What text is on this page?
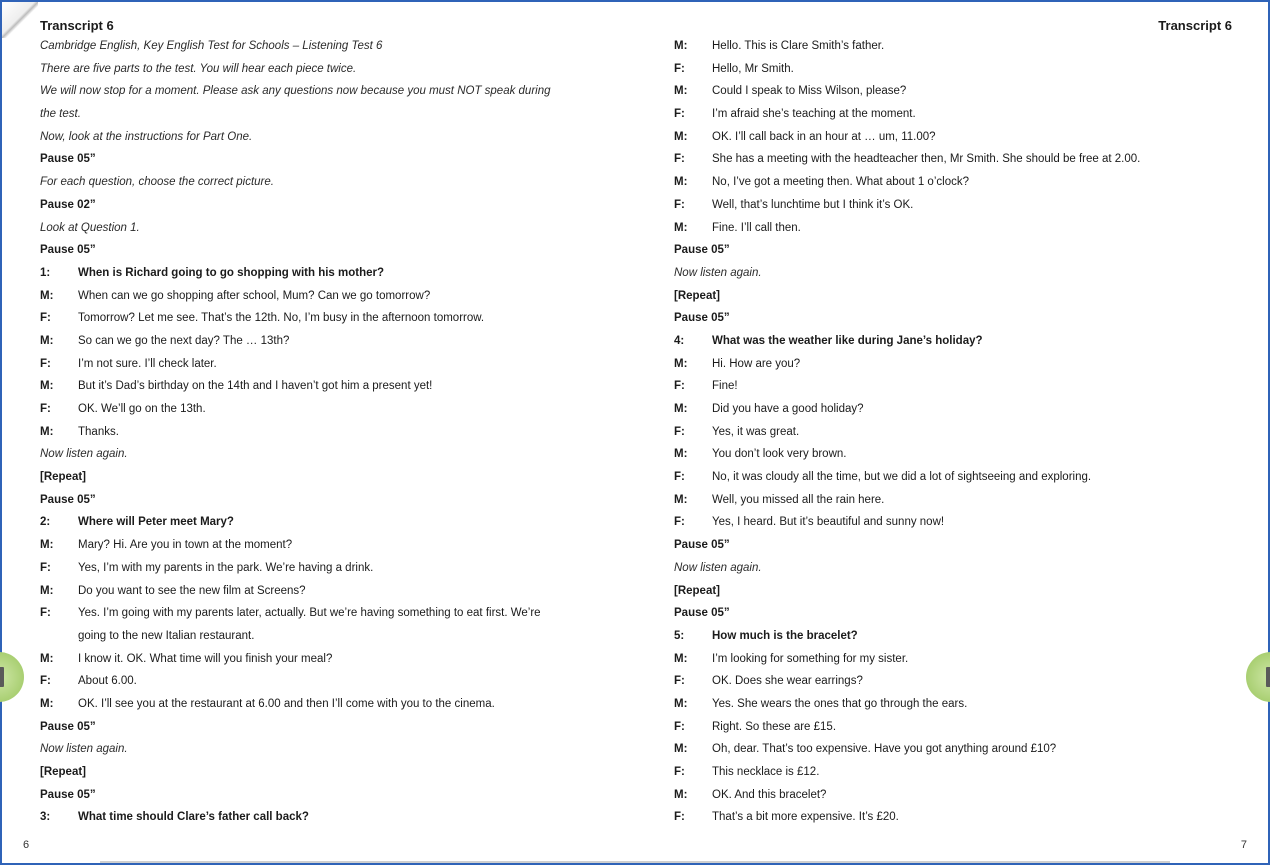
Transcript 6
Cambridge English, Key English Test for Schools – Listening Test 6
There are five parts to the test. You will hear each piece twice.
We will now stop for a moment. Please ask any questions now because you must NOT speak during
the test.
Now, look at the instructions for Part One.
Pause 05”
For each question, choose the correct picture.
Pause 02”
Look at Question 1.
Pause 05”
1:	When is Richard going to go shopping with his mother?
M:	When can we go shopping after school, Mum? Can we go tomorrow?
F:	Tomorrow? Let me see. That’s the 12th. No, I’m busy in the afternoon tomorrow.
M:	So can we go the next day? The … 13th?
F:	I’m not sure. I’ll check later.
M:	But it’s Dad’s birthday on the 14th and I haven’t got him a present yet!
F:	OK. We’ll go on the 13th.
M:	Thanks.
Now listen again.
[Repeat]
Pause 05”
2:	Where will Peter meet Mary?
M:	Mary? Hi. Are you in town at the moment?
F:	Yes, I’m with my parents in the park. We’re having a drink.
M:	Do you want to see the new film at Screens?
F:	Yes. I’m going with my parents later, actually. But we’re having something to eat first. We’re
going to the new Italian restaurant.
M:	I know it. OK. What time will you finish your meal?
F:	About 6.00.
M:	OK. I’ll see you at the restaurant at 6.00 and then I’ll come with you to the cinema.
Pause 05”
Now listen again.
[Repeat]
Pause 05”
3:	What time should Clare’s father call back?
6
Transcript 6
M:	Hello. This is Clare Smith’s father.
F:	Hello, Mr Smith.
M:	Could I speak to Miss Wilson, please?
F:	I’m afraid she’s teaching at the moment.
M:	OK. I’ll call back in an hour at … um, 11.00?
F:	She has a meeting with the headteacher then, Mr Smith. She should be free at 2.00.
M:	No, I’ve got a meeting then. What about 1 o’clock?
F:	Well, that’s lunchtime but I think it’s OK.
M:	Fine. I’ll call then.
Pause 05”
Now listen again.
[Repeat]
Pause 05”
4:	What was the weather like during Jane’s holiday?
M:	Hi. How are you?
F:	Fine!
M:	Did you have a good holiday?
F:	Yes, it was great.
M:	You don’t look very brown.
F:	No, it was cloudy all the time, but we did a lot of sightseeing and exploring.
M:	Well, you missed all the rain here.
F:	Yes, I heard. But it’s beautiful and sunny now!
Pause 05”
Now listen again.
[Repeat]
Pause 05”
5:	How much is the bracelet?
M:	I’m looking for something for my sister.
F:	OK. Does she wear earrings?
M:	Yes. She wears the ones that go through the ears.
F:	Right. So these are £15.
M:	Oh, dear. That’s too expensive. Have you got anything around £10?
F:	This necklace is £12.
M:	OK. And this bracelet?
F:	That’s a bit more expensive. It’s £20.
7
